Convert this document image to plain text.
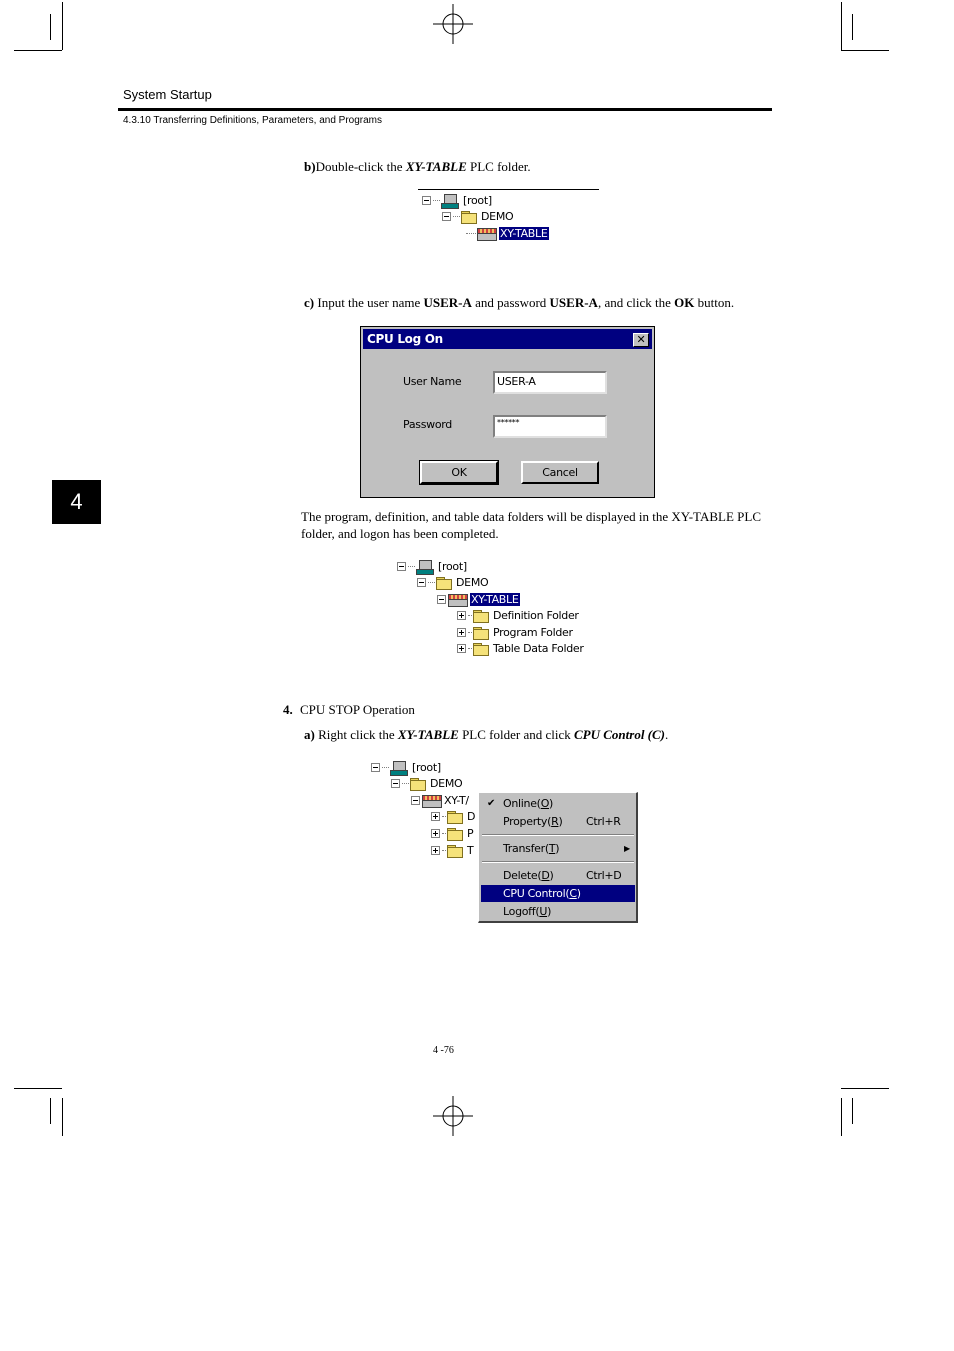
System Startup
4.3.10 Transferring Definitions, Parameters, and Programs
4
b)Double-click the XY-TABLE PLC folder.
[root]
DEMO
XY-TABLE
c) Input the user name USER-A and password USER-A, and click the OK button.
CPU Log On	✕
User Name	USER-A
Password	******
OK	Cancel
The program, definition, and table data folders will be displayed in the XY-TABLE PLC
folder, and logon has been completed.
[root]
DEMO
XY-TABLE
Definition Folder
Program Folder
Table Data Folder
4. CPU STOP Operation
a) Right click the XY-TABLE PLC folder and click CPU Control (C).
[root]
DEMO
XY-T/
D
P
T
✔ Online(O)
Property(R) Ctrl+R
Transfer(T)	▶
Delete(D)	Ctrl+D
CPU Control(C)
Logoff(U)
4 -76
